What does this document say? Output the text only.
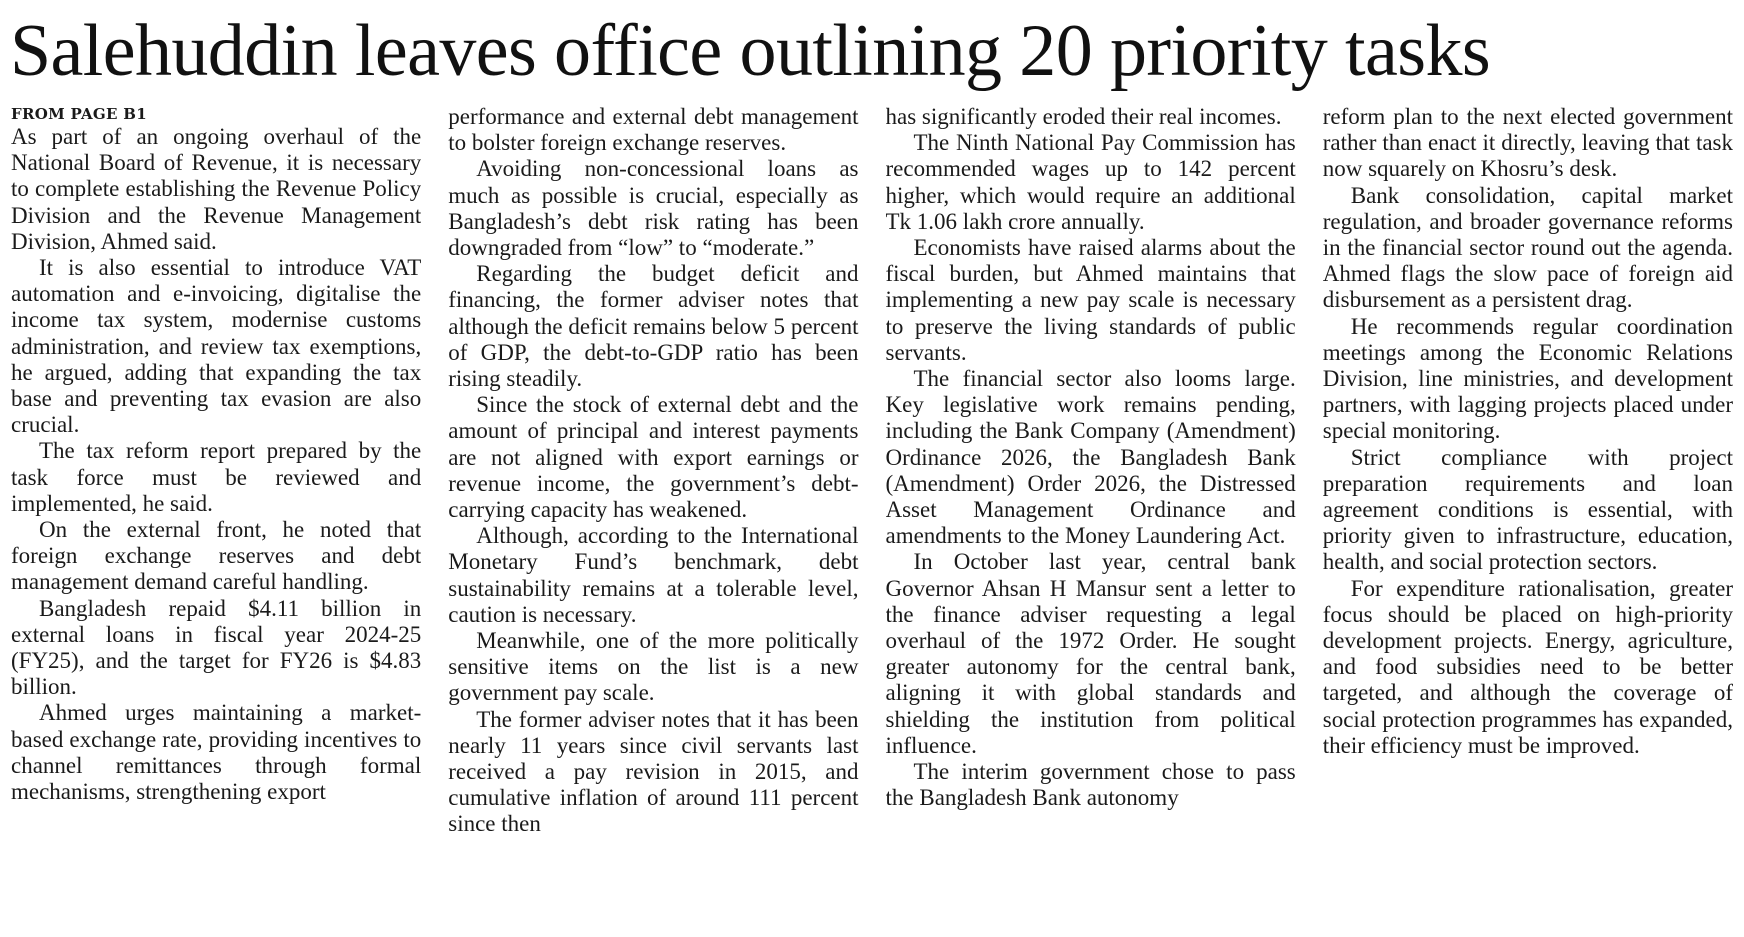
Salehuddin leaves office outlining 20 priority tasks
FROM PAGE B1

As part of an ongoing overhaul of the National Board of Revenue, it is necessary to complete establishing the Revenue Policy Division and the Revenue Management Division, Ahmed said.

It is also essential to introduce VAT automation and e-invoicing, digitalise the income tax system, modernise customs administration, and review tax exemptions, he argued, adding that expanding the tax base and preventing tax evasion are also crucial.

The tax reform report prepared by the task force must be reviewed and implemented, he said.

On the external front, he noted that foreign exchange reserves and debt management demand careful handling.

Bangladesh repaid $4.11 billion in external loans in fiscal year 2024-25 (FY25), and the target for FY26 is $4.83 billion.

Ahmed urges maintaining a market-based exchange rate, providing incentives to channel remittances through formal mechanisms, strengthening export

performance and external debt management to bolster foreign exchange reserves.

Avoiding non-concessional loans as much as possible is crucial, especially as Bangladesh’s debt risk rating has been downgraded from “low” to “moderate.”

Regarding the budget deficit and financing, the former adviser notes that although the deficit remains below 5 percent of GDP, the debt-to-GDP ratio has been rising steadily.

Since the stock of external debt and the amount of principal and interest payments are not aligned with export earnings or revenue income, the government’s debt-carrying capacity has weakened.

Although, according to the International Monetary Fund’s benchmark, debt sustainability remains at a tolerable level, caution is necessary.

Meanwhile, one of the more politically sensitive items on the list is a new government pay scale.

The former adviser notes that it has been nearly 11 years since civil servants last received a pay revision in 2015, and cumulative inflation of around 111 percent since then

has significantly eroded their real incomes.

The Ninth National Pay Commission has recommended wages up to 142 percent higher, which would require an additional Tk 1.06 lakh crore annually.

Economists have raised alarms about the fiscal burden, but Ahmed maintains that implementing a new pay scale is necessary to preserve the living standards of public servants.

The financial sector also looms large. Key legislative work remains pending, including the Bank Company (Amendment) Ordinance 2026, the Bangladesh Bank (Amendment) Order 2026, the Distressed Asset Management Ordinance and amendments to the Money Laundering Act.

In October last year, central bank Governor Ahsan H Mansur sent a letter to the finance adviser requesting a legal overhaul of the 1972 Order. He sought greater autonomy for the central bank, aligning it with global standards and shielding the institution from political influence.

The interim government chose to pass the Bangladesh Bank autonomy

reform plan to the next elected government rather than enact it directly, leaving that task now squarely on Khosru’s desk.

Bank consolidation, capital market regulation, and broader governance reforms in the financial sector round out the agenda. Ahmed flags the slow pace of foreign aid disbursement as a persistent drag.

He recommends regular coordination meetings among the Economic Relations Division, line ministries, and development partners, with lagging projects placed under special monitoring.

Strict compliance with project preparation requirements and loan agreement conditions is essential, with priority given to infrastructure, education, health, and social protection sectors.

For expenditure rationalisation, greater focus should be placed on high-priority development projects. Energy, agriculture, and food subsidies need to be better targeted, and although the coverage of social protection programmes has expanded, their efficiency must be improved.
